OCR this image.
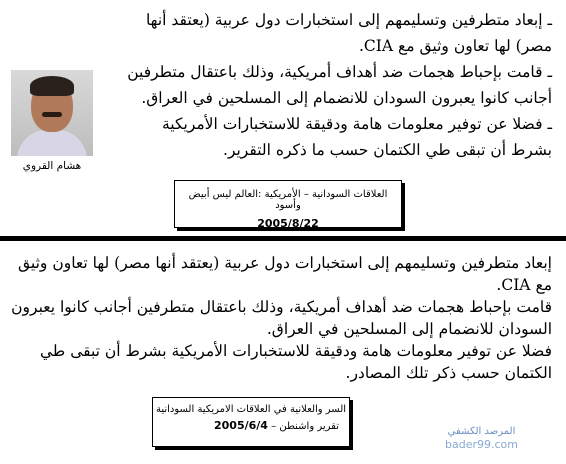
ـ إبعاد متطرفين وتسليمهم إلى استخبارات دول عربية (يعتقد أنها مصر) لها تعاون وثيق مع CIA.
ـ قامت بإحباط هجمات ضد أهداف أمريكية، وذلك باعتقال متطرفين أجانب كانوا يعبرون السودان للانضمام إلى المسلحين في العراق.
ـ فضلا عن توفير معلومات هامة ودقيقة للاستخبارات الأمريكية بشرط أن تبقى طي الكتمان حسب ما ذكره التقرير.
هشام القروي
العلاقات السودانية – الأمريكية :العالم ليس أبيض وأسود
2005/8/22
إبعاد متطرفين وتسليمهم إلى استخبارات دول عربية (يعتقد أنها مصر) لها تعاون وثيق مع CIA.
قامت بإحباط هجمات ضد أهداف أمريكية، وذلك باعتقال متطرفين أجانب كانوا يعبرون السودان للانضمام إلى المسلحين في العراق.
فضلا عن توفير معلومات هامة ودقيقة للاستخبارات الأمريكية بشرط أن تبقى طي الكتمان حسب ذكر تلك المصادر.
السر والعلانية في العلاقات الامريكية السودانية
تقرير واشنطن – 2005/6/4	المرصد الكشفي
bader99.com
